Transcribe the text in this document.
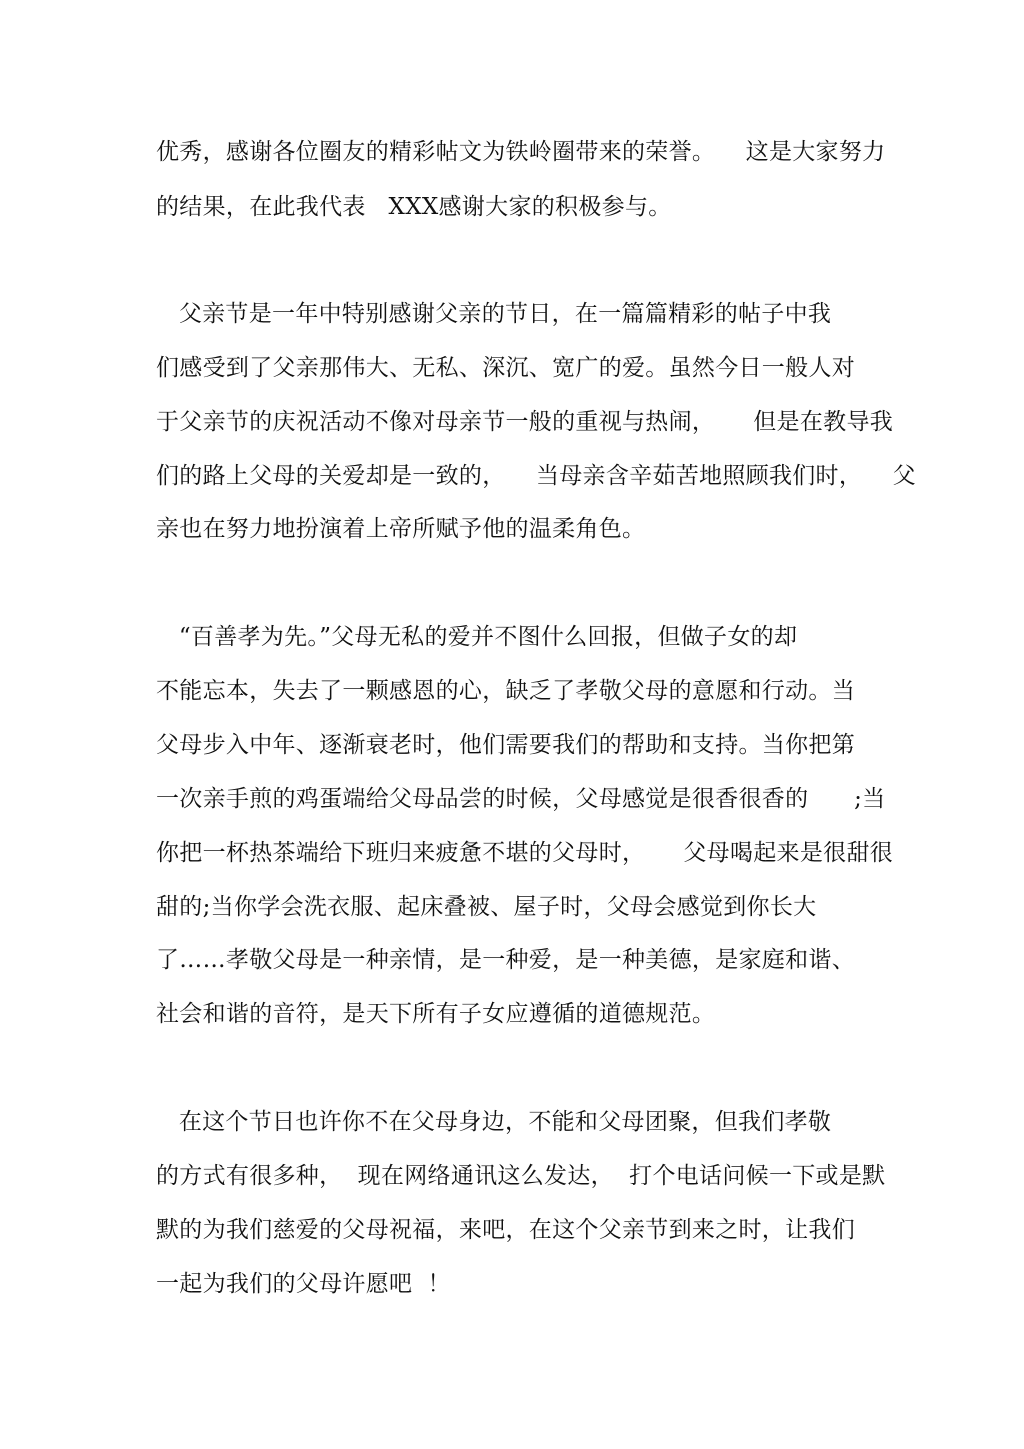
优秀，感谢各位圈友的精彩帖文为铁岭圈带来的荣誉。    这是大家努力
的结果，在此我代表   XXX感谢大家的积极参与。
父亲节是一年中特别感谢父亲的节日，在一篇篇精彩的帖子中我
们感受到了父亲那伟大、无私、深沉、宽广的爱。虽然今日一般人对
于父亲节的庆祝活动不像对母亲节一般的重视与热闹，     但是在教导我
们的路上父母的关爱却是一致的，    当母亲含辛茹苦地照顾我们时，    父
亲也在努力地扮演着上帝所赋予他的温柔角色。
“百善孝为先。”父母无私的爱并不图什么回报，但做子女的却
不能忘本，失去了一颗感恩的心，缺乏了孝敬父母的意愿和行动。当
父母步入中年、逐渐衰老时，他们需要我们的帮助和支持。当你把第
一次亲手煎的鸡蛋端给父母品尝的时候，父母感觉是很香很香的      ;当
你把一杯热茶端给下班归来疲惫不堪的父母时，     父母喝起来是很甜很
甜的;当你学会洗衣服、起床叠被、屋子时，父母会感觉到你长大
了……孝敬父母是一种亲情，是一种爱，是一种美德，是家庭和谐、
社会和谐的音符，是天下所有子女应遵循的道德规范。
在这个节日也许你不在父母身边，不能和父母团聚，但我们孝敬
的方式有很多种，  现在网络通讯这么发达，  打个电话问候一下或是默
默的为我们慈爱的父母祝福，来吧，在这个父亲节到来之时，让我们
一起为我们的父母许愿吧  ！
